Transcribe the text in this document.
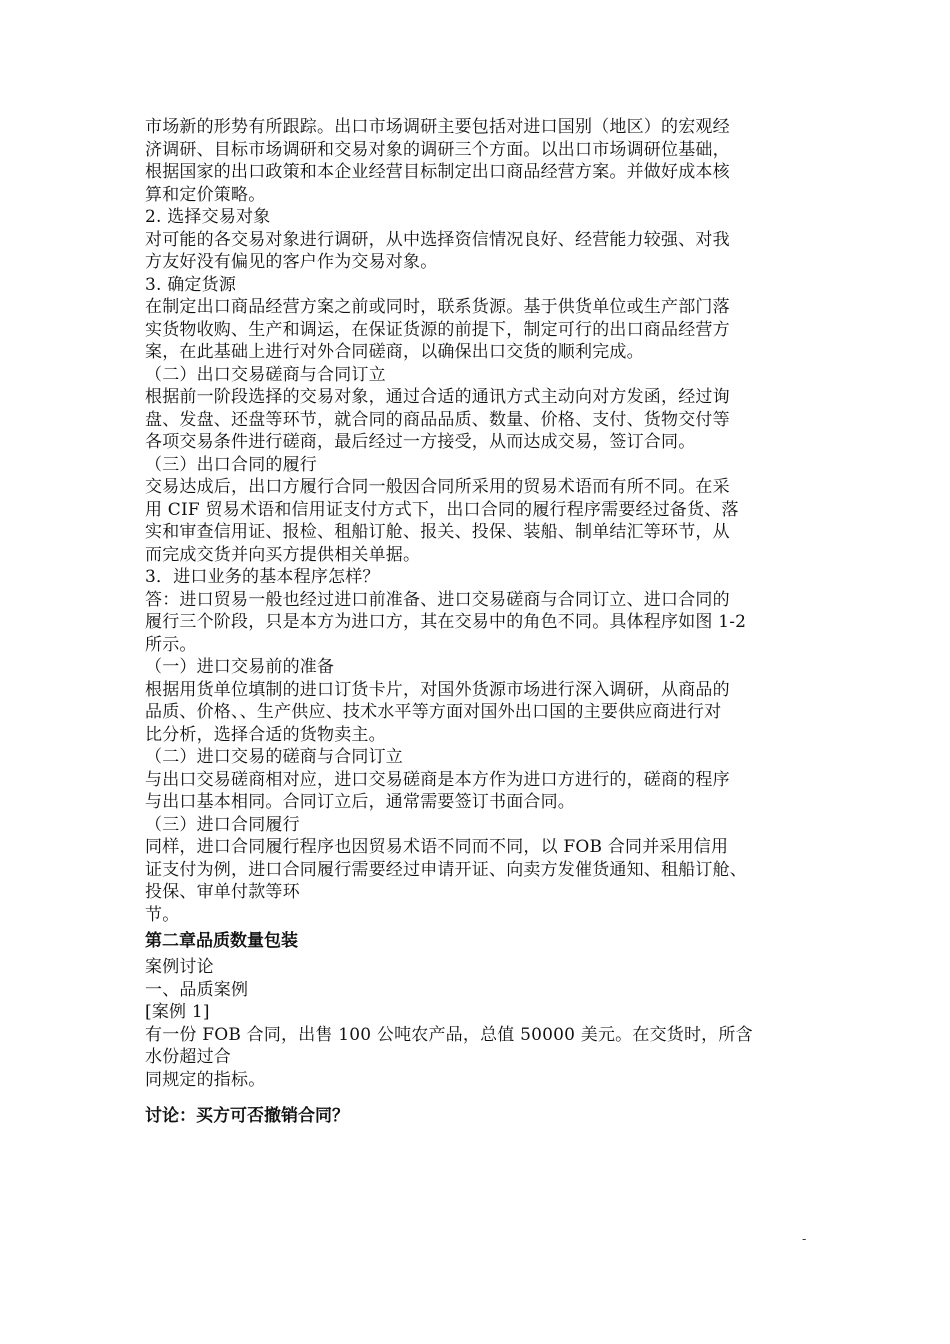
市场新的形势有所跟踪。出口市场调研主要包括对进口国别（地区）的宏观经
济调研、目标市场调研和交易对象的调研三个方面。以出口市场调研位基础，
根据国家的出口政策和本企业经营目标制定出口商品经营方案。并做好成本核
算和定价策略。
2. 选择交易对象
对可能的各交易对象进行调研，从中选择资信情况良好、经营能力较强、对我
方友好没有偏见的客户作为交易对象。
3. 确定货源
在制定出口商品经营方案之前或同时，联系货源。基于供货单位或生产部门落
实货物收购、生产和调运，在保证货源的前提下，制定可行的出口商品经营方
案，在此基础上进行对外合同磋商，以确保出口交货的顺利完成。
（二）出口交易磋商与合同订立
根据前一阶段选择的交易对象，通过合适的通讯方式主动向对方发函，经过询
盘、发盘、还盘等环节，就合同的商品品质、数量、价格、支付、货物交付等
各项交易条件进行磋商，最后经过一方接受，从而达成交易，签订合同。
（三）出口合同的履行
交易达成后，出口方履行合同一般因合同所采用的贸易术语而有所不同。在采
用 CIF 贸易术语和信用证支付方式下，出口合同的履行程序需要经过备货、落
实和审查信用证、报检、租船订舱、报关、投保、装船、制单结汇等环节，从
而完成交货并向买方提供相关单据。
3．进口业务的基本程序怎样？
答：进口贸易一般也经过进口前准备、进口交易磋商与合同订立、进口合同的
履行三个阶段，只是本方为进口方，其在交易中的角色不同。具体程序如图 1-2
所示。
（一）进口交易前的准备
根据用货单位填制的进口订货卡片，对国外货源市场进行深入调研，从商品的
品质、价格、、生产供应、技术水平等方面对国外出口国的主要供应商进行对
比分析，选择合适的货物卖主。
（二）进口交易的磋商与合同订立
与出口交易磋商相对应，进口交易磋商是本方作为进口方进行的，磋商的程序
与出口基本相同。合同订立后，通常需要签订书面合同。
（三）进口合同履行
同样，进口合同履行程序也因贸易术语不同而不同，以 FOB 合同并采用信用
证支付为例，进口合同履行需要经过申请开证、向卖方发催货通知、租船订舱、
投保、审单付款等环
节。
第二章品质数量包装
案例讨论
一、品质案例
[案例 1]
有一份 FOB 合同，出售 100 公吨农产品，总值 50000 美元。在交货时，所含
水份超过合
同规定的指标。
讨论：买方可否撤销合同？
-
